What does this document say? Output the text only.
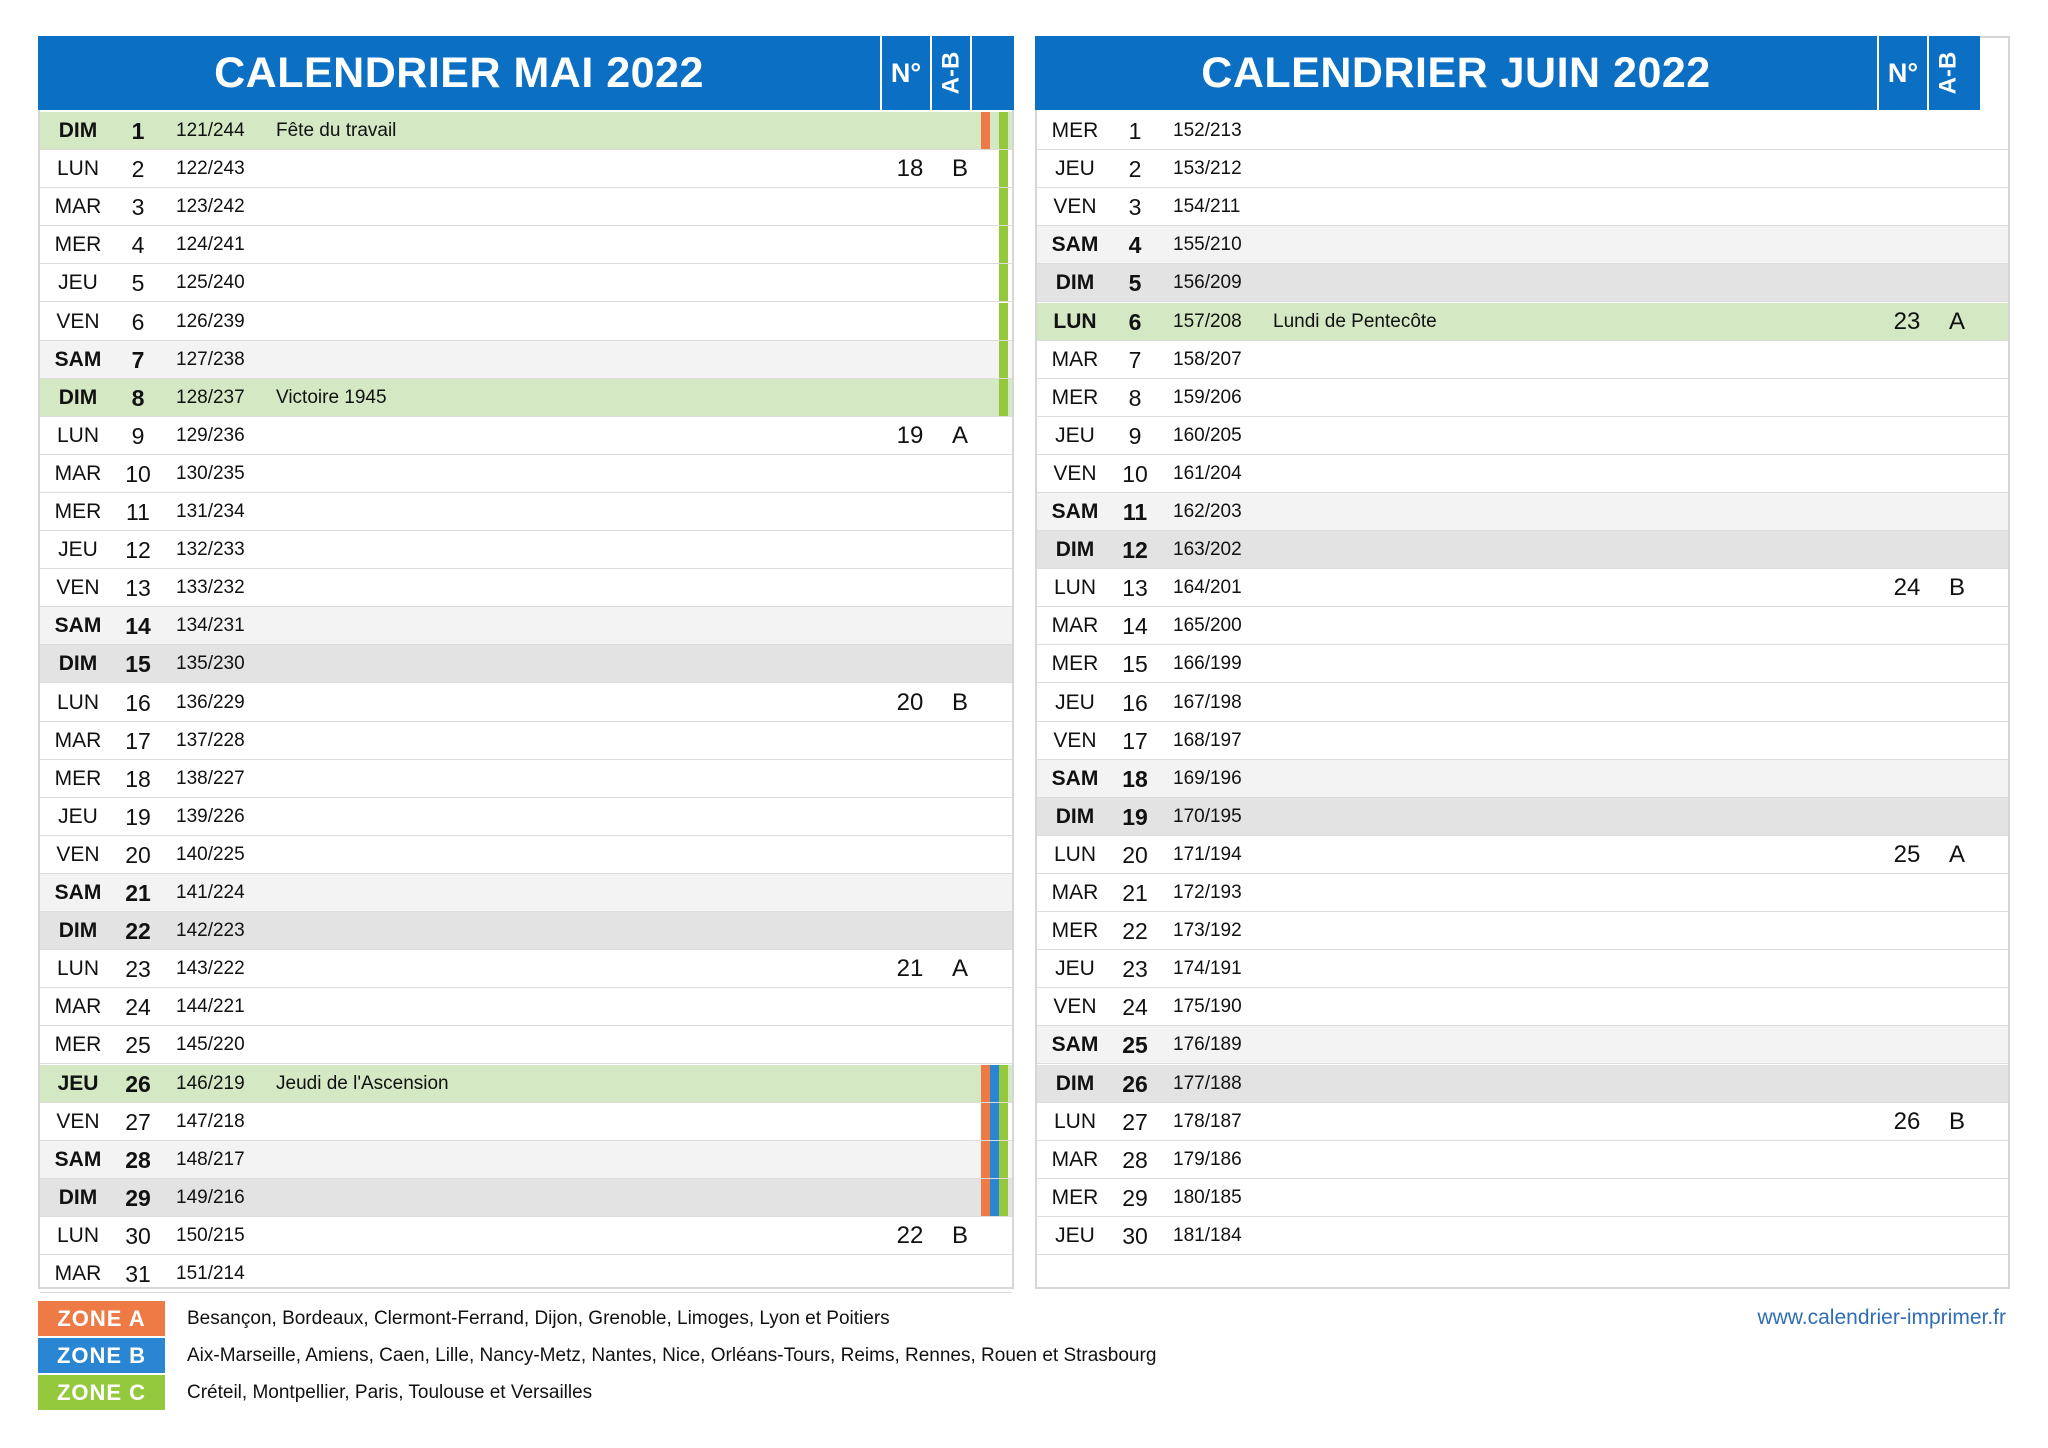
CALENDRIER MAI 2022	N° A-B
DIM	1	121/244 Fête du travail
LUN	2	122/243	18	B
MAR	3	123/242
MER	4	124/241
JEU	5	125/240
VEN	6	126/239
SAM	7	127/238
DIM	8	128/237 Victoire 1945
LUN	9	129/236	19	A
MAR	10	130/235
MER	11	131/234
JEU	12	132/233
VEN	13	133/232
SAM	14	134/231
DIM	15	135/230
LUN	16	136/229	20	B
MAR	17	137/228
MER	18	138/227
JEU	19	139/226
VEN	20	140/225
SAM	21	141/224
DIM	22	142/223
LUN	23	143/222	21	A
MAR	24	144/221
MER	25	145/220
JEU	26	146/219 Jeudi de l'Ascension
VEN	27	147/218
SAM	28	148/217
DIM	29	149/216
LUN	30	150/215	22	B
MAR	31	151/214
CALENDRIER JUIN 2022	N° A-B
MER	1	152/213
JEU	2	153/212
VEN	3	154/211
SAM	4	155/210
DIM	5	156/209
LUN	6	157/208 Lundi de Pentecôte	23	A
MAR	7	158/207
MER	8	159/206
JEU	9	160/205
VEN	10	161/204
SAM	11	162/203
DIM	12	163/202
LUN	13	164/201	24	B
MAR	14	165/200
MER	15	166/199
JEU	16	167/198
VEN	17	168/197
SAM	18	169/196
DIM	19	170/195
LUN	20	171/194	25	A
MAR	21	172/193
MER	22	173/192
JEU	23	174/191
VEN	24	175/190
SAM	25	176/189
DIM	26	177/188
LUN	27	178/187	26	B
MAR	28	179/186
MER	29	180/185
JEU	30	181/184
ZONE A	Besançon, Bordeaux, Clermont-Ferrand, Dijon, Grenoble, Limoges, Lyon et Poitiers
ZONE B	Aix-Marseille, Amiens, Caen, Lille, Nancy-Metz, Nantes, Nice, Orléans-Tours, Reims, Rennes, Rouen et Strasbourg
ZONE C	Créteil, Montpellier, Paris, Toulouse et Versailles
www.calendrier-imprimer.fr
